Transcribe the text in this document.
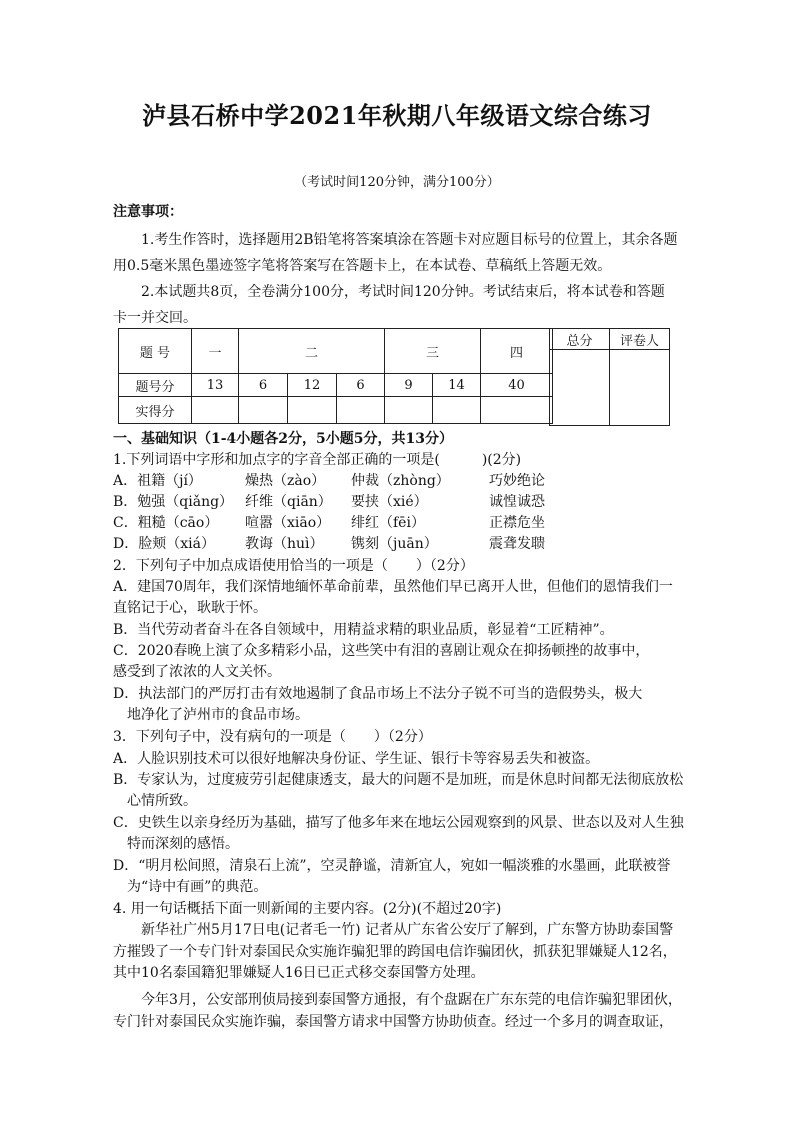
泸县石桥中学2021年秋期八年级语文综合练习
（考试时间120分钟，满分100分）
注意事项：
1.考生作答时，选择题用2B铅笔将答案填涂在答题卡对应题目标号的位置上，其余各题
用0.5毫米黑色墨迹签字笔将答案写在答题卡上，在本试卷、草稿纸上答题无效。
2.本试题共8页，全卷满分100分，考试时间120分钟。考试结束后，将本试卷和答题
卡一并交回。
题 号	一	二			三		四
题号分	13	6	12	6	9	14	40
实得分							
总分	评卷人

一、基础知识（1-4小题各2分，5小题5分，共13分）
1.下列词语中字形和加点字的字音全部正确的一项是(　　　)(2分)
A．祖籍（jí）	燥热（zào） 仲裁（zhòng）	巧妙绝论
B．勉强（qiǎng） 纤维（qiān） 要挟（xié）	诚惶诚恐
C．粗糙（cāo） 喧嚣（xiāo） 绯红（fēi）	正襟危坐
D．脸颊（xiá） 教诲（huì） 镌刻（juān）	震聋发聩
2．下列句子中加点成语使用恰当的一项是（　　）（2分）
A．建国70周年，我们深情地缅怀革命前辈，虽然他们早已离开人世，但他们的恩情我们一
直铭记于心，耿耿于怀。
B．当代劳动者奋斗在各自领域中，用精益求精的职业品质，彰显着“工匠精神”。
C．2020春晚上演了众多精彩小品，这些笑中有泪的喜剧让观众在抑扬顿挫的故事中，
感受到了浓浓的人文关怀。
D．执法部门的严厉打击有效地遏制了食品市场上不法分子锐不可当的造假势头，极大
地净化了泸州市的食品市场。
3．下列句子中，没有病句的一项是（　　）（2分）
A．人脸识别技术可以很好地解决身份证、学生证、银行卡等容易丢失和被盗。
B．专家认为，过度疲劳引起健康透支，最大的问题不是加班，而是休息时间都无法彻底放松
心情所致。
C．史铁生以亲身经历为基础，描写了他多年来在地坛公园观察到的风景、世态以及对人生独
特而深刻的感悟。
D．“明月松间照，清泉石上流”，空灵静谧，清新宜人，宛如一幅淡雅的水墨画，此联被誉
为“诗中有画”的典范。
4. 用一句话概括下面一则新闻的主要内容。(2分)(不超过20字)
新华社广州5月17日电(记者毛一竹) 记者从广东省公安厅了解到，广东警方协助泰国警
方摧毁了一个专门针对泰国民众实施诈骗犯罪的跨国电信诈骗团伙，抓获犯罪嫌疑人12名，
其中10名泰国籍犯罪嫌疑人16日已正式移交泰国警方处理。
今年3月，公安部刑侦局接到泰国警方通报，有个盘踞在广东东莞的电信诈骗犯罪团伙，
专门针对泰国民众实施诈骗，泰国警方请求中国警方协助侦查。经过一个多月的调查取证，
